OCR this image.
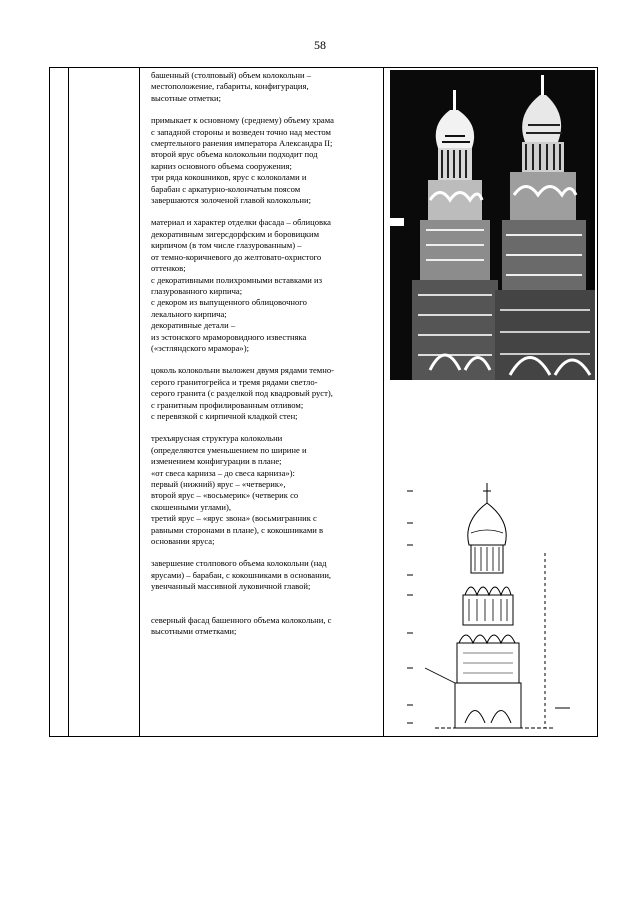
58

башенный (столповый) объем колокольни –

местоположение, габариты, конфигурация,

высотные отметки;

примыкает к основному (среднему) объему храма

с западной стороны и возведен точно над местом

смертельного ранения императора Александра II;

второй ярус объема колокольни подходит под

карниз основного объема сооружения;

три ряда кокошников, ярус с колоколами и

барабан с аркатурно-колончатым поясом

завершаются золоченой главой колокольни;

материал и характер отделки фасада – облицовка

декоративным зигерсдорфским и боровицким

кирпичом (в том числе глазурованным) –

от темно-коричневого до желтовато-охристого

оттенков;

с декоративными полихромными вставками из

глазурованного кирпича;

с декором из выпущенного облицовочного

лекального кирпича;

декоративные детали –

из эстонского мраморовидного известняка

(«эстляндского мрамора»);

цоколь колокольни выложен двумя рядами темно-

серого гранитогрейса и тремя рядами светло-

серого гранита (с разделкой под квадровый руст),

с гранитным профилированным отливом;

с перевязкой с кирпичной кладкой стен;

трехъярусная структура колокольни

(определяются уменьшением по ширине и

изменением конфигурации в плане;

«от свеса карниза – до свеса карниза»):

первый (нижний) ярус – «четверик»,

второй ярус – «восьмерик» (четверик со

скошенными углами),

третий ярус – «ярус звона» (восьмигранник с

равными сторонами в плане), с кокошниками в

основании яруса;

завершение столпового объема колокольни (над

ярусами) – барабан, с кокошниками в основании,

увенчанный массивной луковичной главой;

северный фасад башенного объема колокольни, с

высотными отметками;
